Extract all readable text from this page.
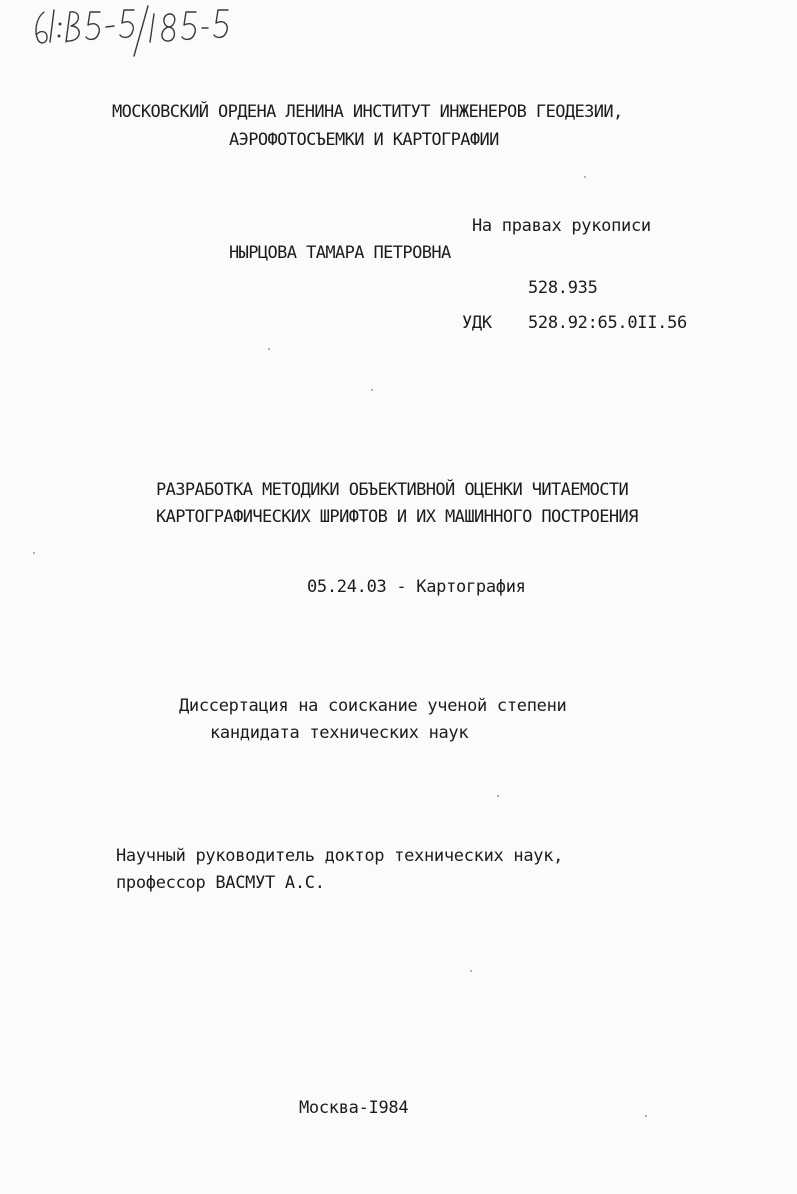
61:85-5/185-5
МОСКОВСКИЙ ОРДЕНА ЛЕНИНА ИНСТИТУТ ИНЖЕНЕРОВ ГЕОДЕЗИИ,
АЭРОФОТОСЪЕМКИ И КАРТОГРАФИИ
На правах рукописи
НЫРЦОВА ТАМАРА ПЕТРОВНА
528.935
УДК 528.92:65.0II.56
РАЗРАБОТКА МЕТОДИКИ ОБЪЕКТИВНОЙ ОЦЕНКИ ЧИТАЕМОСТИ
КАРТОГРАФИЧЕСКИХ ШРИФТОВ И ИХ МАШИННОГО ПОСТРОЕНИЯ
05.24.03 - Картография
Диссертация на соискание ученой степени
кандидата технических наук
Научный руководитель доктор технических наук,
профессор ВАСМУТ А.С.
Москва-I984
